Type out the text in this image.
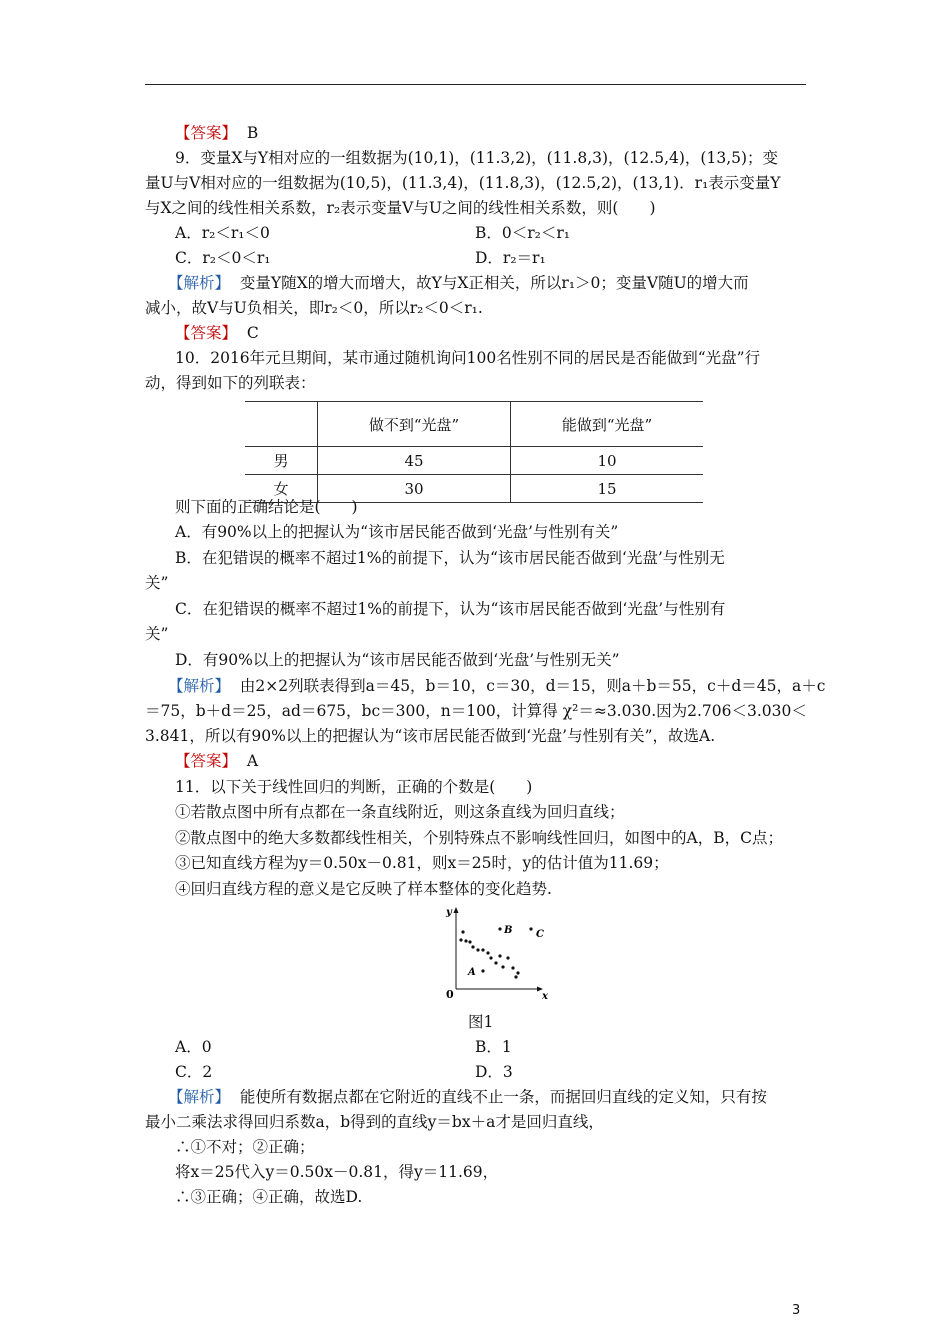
【答案】 B
9．变量X与Y相对应的一组数据为(10,1)，(11.3,2)，(11.8,3)，(12.5,4)，(13,5)；变
量U与V相对应的一组数据为(10,5)，(11.3,4)，(11.8,3)，(12.5,2)，(13,1)．r₁表示变量Y
与X之间的线性相关系数，r₂表示变量V与U之间的线性相关系数，则(　　)
A．r₂＜r₁＜0	B．0＜r₂＜r₁
C．r₂＜0＜r₁	D．r₂＝r₁
【解析】 变量Y随X的增大而增大，故Y与X正相关，所以r₁＞0；变量V随U的增大而
减小，故V与U负相关，即r₂＜0，所以r₂＜0＜r₁.
【答案】 C
10．2016年元旦期间，某市通过随机询问100名性别不同的居民是否能做到“光盘”行
动，得到如下的列联表：
	做不到“光盘”	能做到“光盘”
男	45	10
女	30	15
则下面的正确结论是(　　)
A．有90%以上的把握认为“该市居民能否做到‘光盘’与性别有关”
B．在犯错误的概率不超过1%的前提下，认为“该市居民能否做到‘光盘’与性别无
关”
C．在犯错误的概率不超过1%的前提下，认为“该市居民能否做到‘光盘’与性别有
关”
D．有90%以上的把握认为“该市居民能否做到‘光盘’与性别无关”
【解析】 由2×2列联表得到a＝45，b＝10，c＝30，d＝15，则a＋b＝55，c＋d＝45，a＋c
＝75，b＋d＝25，ad＝675，bc＝300，n＝100，计算得 χ²＝≈3.030.因为2.706＜3.030＜
3.841，所以有90%以上的把握认为“该市居民能否做到‘光盘’与性别有关”，故选A.
【答案】 A
11．以下关于线性回归的判断，正确的个数是(　　)
①若散点图中所有点都在一条直线附近，则这条直线为回归直线；
②散点图中的绝大多数都线性相关，个别特殊点不影响线性回归，如图中的A，B，C点；
③已知直线方程为y＝0.50x－0.81，则x＝25时，y的估计值为11.69；
④回归直线方程的意义是它反映了样本整体的变化趋势.
y
x
0
A
B C
图1
A．0	B．1
C．2	D．3
【解析】 能使所有数据点都在它附近的直线不止一条，而据回归直线的定义知，只有按
最小二乘法求得回归系数a，b得到的直线y＝bx＋a才是回归直线，
∴①不对；②正确；
将x＝25代入y＝0.50x－0.81，得y＝11.69，
∴③正确；④正确，故选D.
3
